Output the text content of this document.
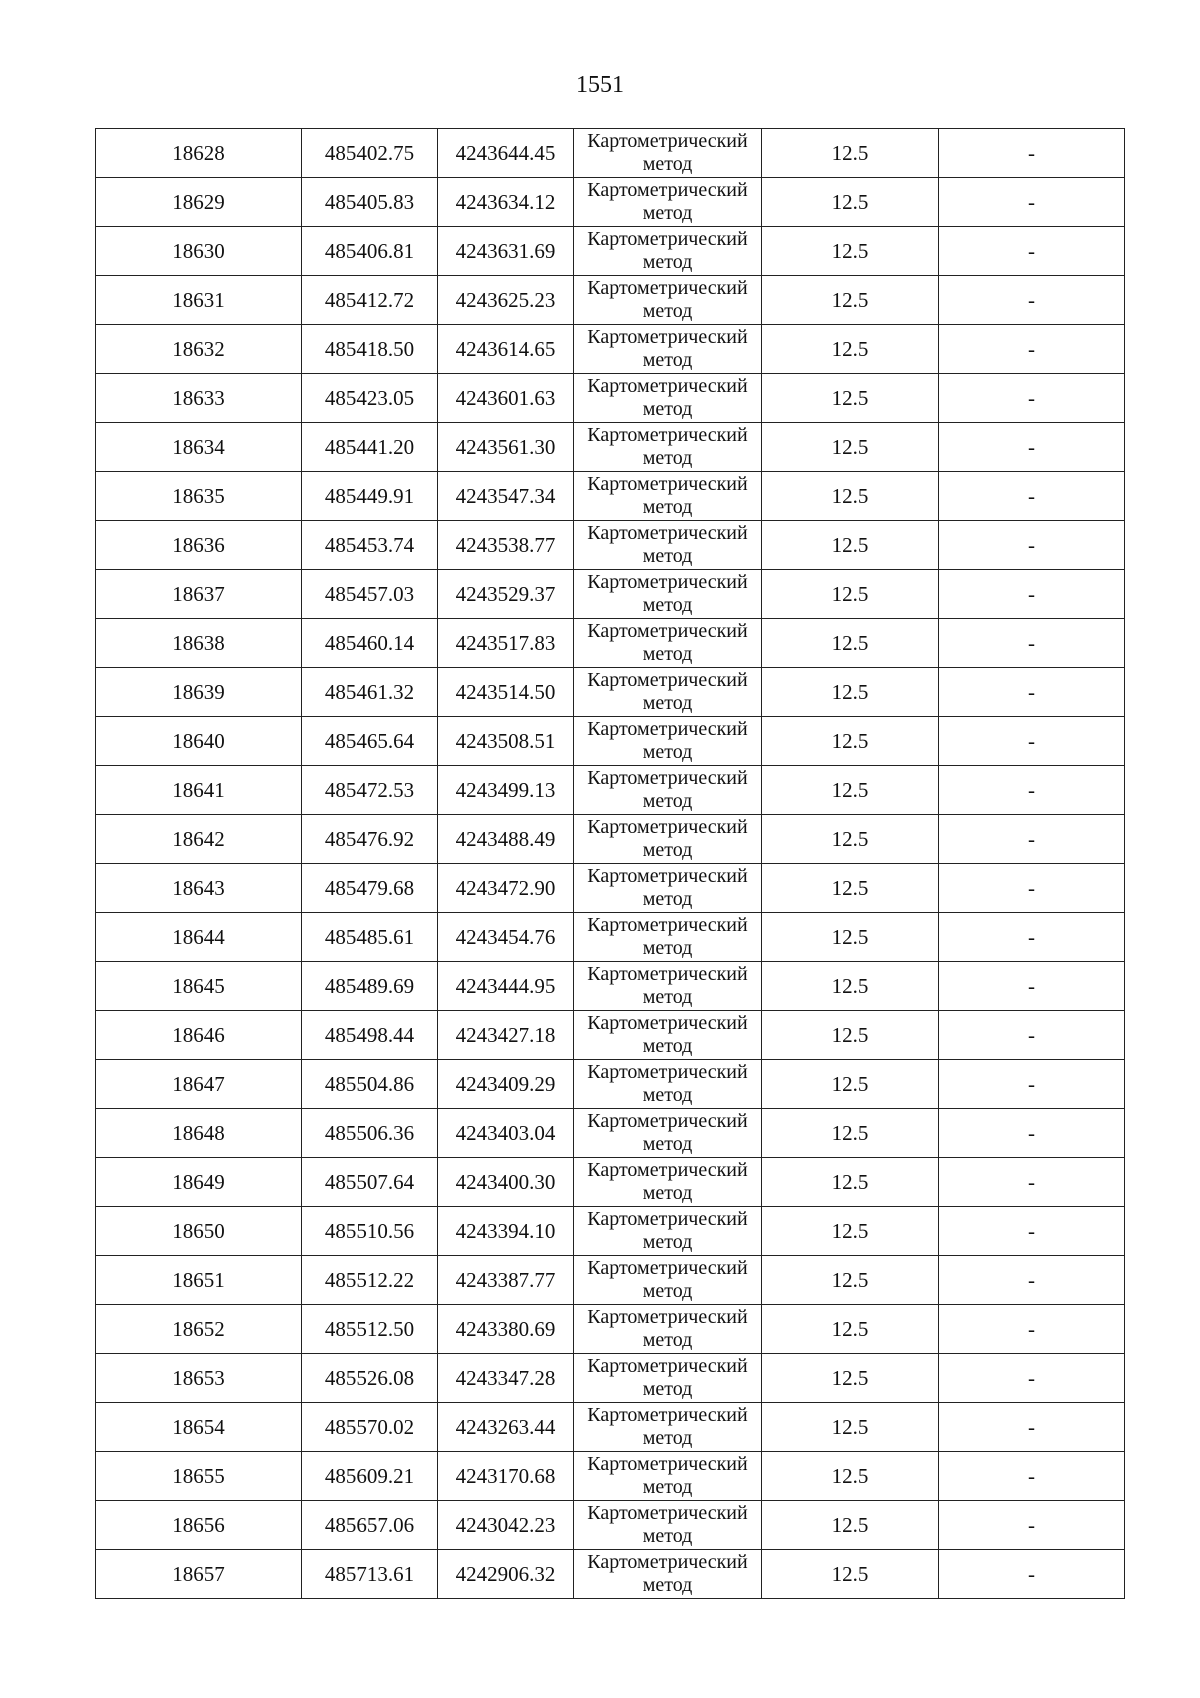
1551
18628	485402.75	4243644.45	Картометрический
метод	12.5	-
18629	485405.83	4243634.12	Картометрический
метод	12.5	-
18630	485406.81	4243631.69	Картометрический
метод	12.5	-
18631	485412.72	4243625.23	Картометрический
метод	12.5	-
18632	485418.50	4243614.65	Картометрический
метод	12.5	-
18633	485423.05	4243601.63	Картометрический
метод	12.5	-
18634	485441.20	4243561.30	Картометрический
метод	12.5	-
18635	485449.91	4243547.34	Картометрический
метод	12.5	-
18636	485453.74	4243538.77	Картометрический
метод	12.5	-
18637	485457.03	4243529.37	Картометрический
метод	12.5	-
18638	485460.14	4243517.83	Картометрический
метод	12.5	-
18639	485461.32	4243514.50	Картометрический
метод	12.5	-
18640	485465.64	4243508.51	Картометрический
метод	12.5	-
18641	485472.53	4243499.13	Картометрический
метод	12.5	-
18642	485476.92	4243488.49	Картометрический
метод	12.5	-
18643	485479.68	4243472.90	Картометрический
метод	12.5	-
18644	485485.61	4243454.76	Картометрический
метод	12.5	-
18645	485489.69	4243444.95	Картометрический
метод	12.5	-
18646	485498.44	4243427.18	Картометрический
метод	12.5	-
18647	485504.86	4243409.29	Картометрический
метод	12.5	-
18648	485506.36	4243403.04	Картометрический
метод	12.5	-
18649	485507.64	4243400.30	Картометрический
метод	12.5	-
18650	485510.56	4243394.10	Картометрический
метод	12.5	-
18651	485512.22	4243387.77	Картометрический
метод	12.5	-
18652	485512.50	4243380.69	Картометрический
метод	12.5	-
18653	485526.08	4243347.28	Картометрический
метод	12.5	-
18654	485570.02	4243263.44	Картометрический
метод	12.5	-
18655	485609.21	4243170.68	Картометрический
метод	12.5	-
18656	485657.06	4243042.23	Картометрический
метод	12.5	-
18657	485713.61	4242906.32	Картометрический
метод	12.5	-
